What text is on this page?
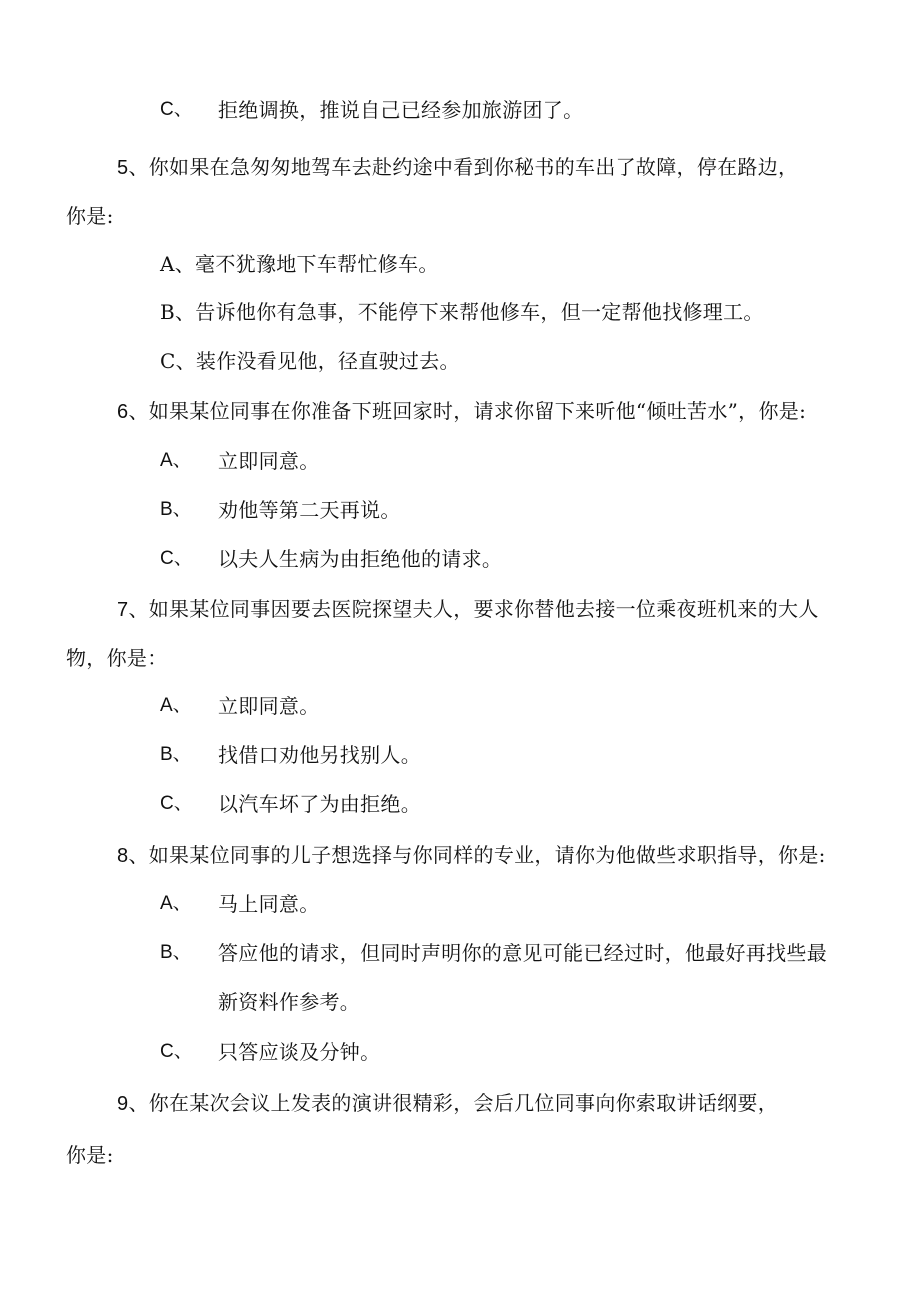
C、 拒绝调换，推说自己已经参加旅游团了。
5、你如果在急匆匆地驾车去赴约途中看到你秘书的车出了故障，停在路边，
你是:
A、毫不犹豫地下车帮忙修车。
B、告诉他你有急事，不能停下来帮他修车，但一定帮他找修理工。
C、装作没看见他，径直驶过去。
6、如果某位同事在你准备下班回家时，请求你留下来听他“倾吐苦水”，你是:
A、 立即同意。
B、 劝他等第二天再说。
C、 以夫人生病为由拒绝他的请求。
7、如果某位同事因要去医院探望夫人，要求你替他去接一位乘夜班机来的大人
物，你是：
A、 立即同意。
B、 找借口劝他另找别人。
C、 以汽车坏了为由拒绝。
8、如果某位同事的儿子想选择与你同样的专业，请你为他做些求职指导，你是:
A、 马上同意。
B、 答应他的请求，但同时声明你的意见可能已经过时，他最好再找些最
新资料作参考。
C、 只答应谈及分钟。
9、你在某次会议上发表的演讲很精彩，会后几位同事向你索取讲话纲要，
你是:
